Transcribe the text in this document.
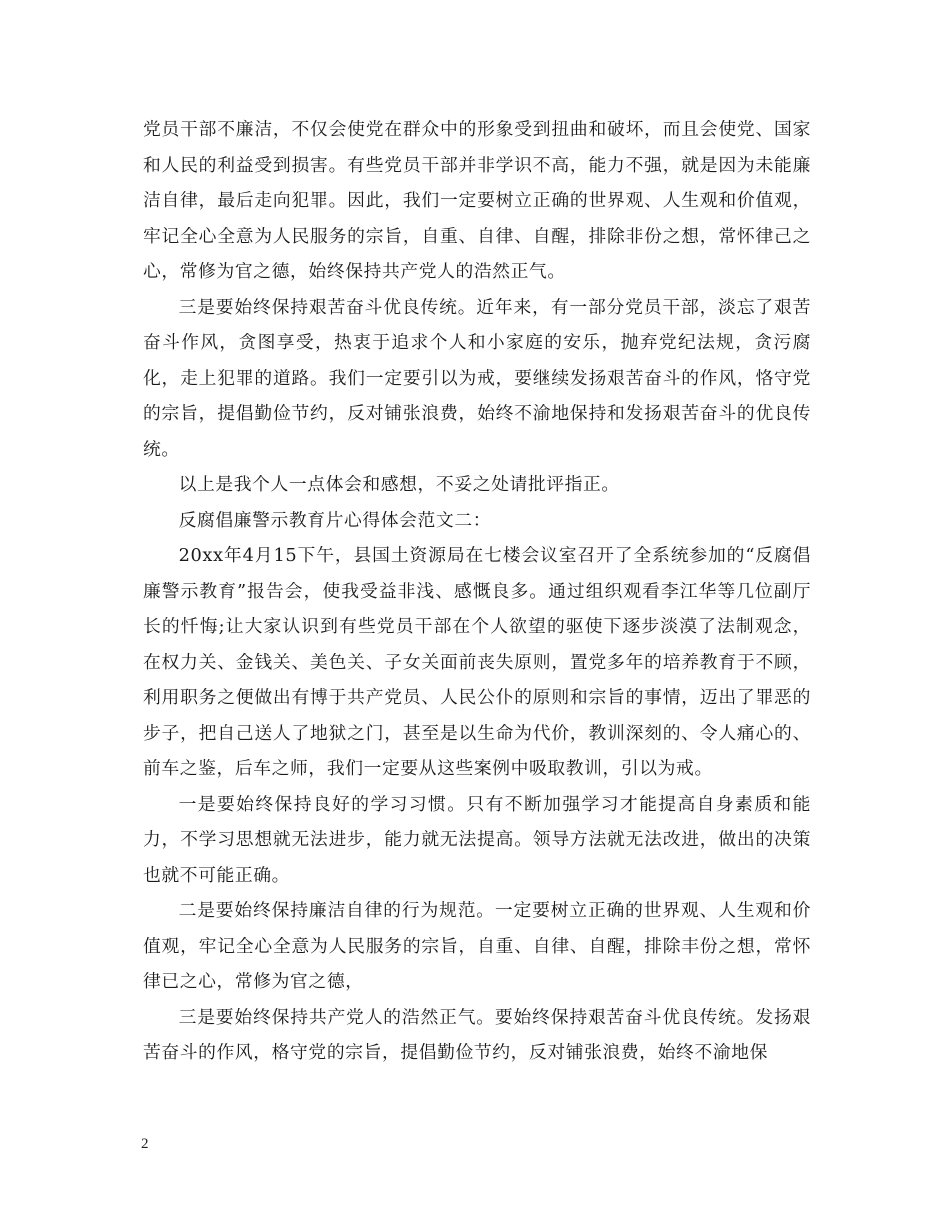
党员干部不廉洁，不仅会使党在群众中的形象受到扭曲和破坏，而且会使党、国家和人民的利益受到损害。有些党员干部并非学识不高，能力不强，就是因为未能廉洁自律，最后走向犯罪。因此，我们一定要树立正确的世界观、人生观和价值观，牢记全心全意为人民服务的宗旨，自重、自律、自醒，排除非份之想，常怀律己之心，常修为官之德，始终保持共产党人的浩然正气。

三是要始终保持艰苦奋斗优良传统。近年来，有一部分党员干部，淡忘了艰苦奋斗作风，贪图享受，热衷于追求个人和小家庭的安乐，抛弃党纪法规，贪污腐化，走上犯罪的道路。我们一定要引以为戒，要继续发扬艰苦奋斗的作风，恪守党的宗旨，提倡勤俭节约，反对铺张浪费，始终不渝地保持和发扬艰苦奋斗的优良传统。

以上是我个人一点体会和感想，不妥之处请批评指正。

反腐倡廉警示教育片心得体会范文二：

20xx年4月15下午，县国土资源局在七楼会议室召开了全系统参加的“反腐倡廉警示教育”报告会，使我受益非浅、感慨良多。通过组织观看李江华等几位副厅长的忏悔;让大家认识到有些党员干部在个人欲望的驱使下逐步淡漠了法制观念，在权力关、金钱关、美色关、子女关面前丧失原则，置党多年的培养教育于不顾，利用职务之便做出有博于共产党员、人民公仆的原则和宗旨的事情，迈出了罪恶的步子，把自己送人了地狱之门，甚至是以生命为代价，教训深刻的、令人痛心的、前车之鉴，后车之师，我们一定要从这些案例中吸取教训，引以为戒。

一是要始终保持良好的学习习惯。只有不断加强学习才能提高自身素质和能力，不学习思想就无法进步，能力就无法提高。领导方法就无法改进，做出的决策也就不可能正确。

二是要始终保持廉洁自律的行为规范。一定要树立正确的世界观、人生观和价值观，牢记全心全意为人民服务的宗旨，自重、自律、自醒，排除丰份之想，常怀律已之心，常修为官之德，

三是要始终保持共产党人的浩然正气。要始终保持艰苦奋斗优良传统。发扬艰苦奋斗的作风，格守党的宗旨，提倡勤俭节约，反对铺张浪费，始终不渝地保

2
